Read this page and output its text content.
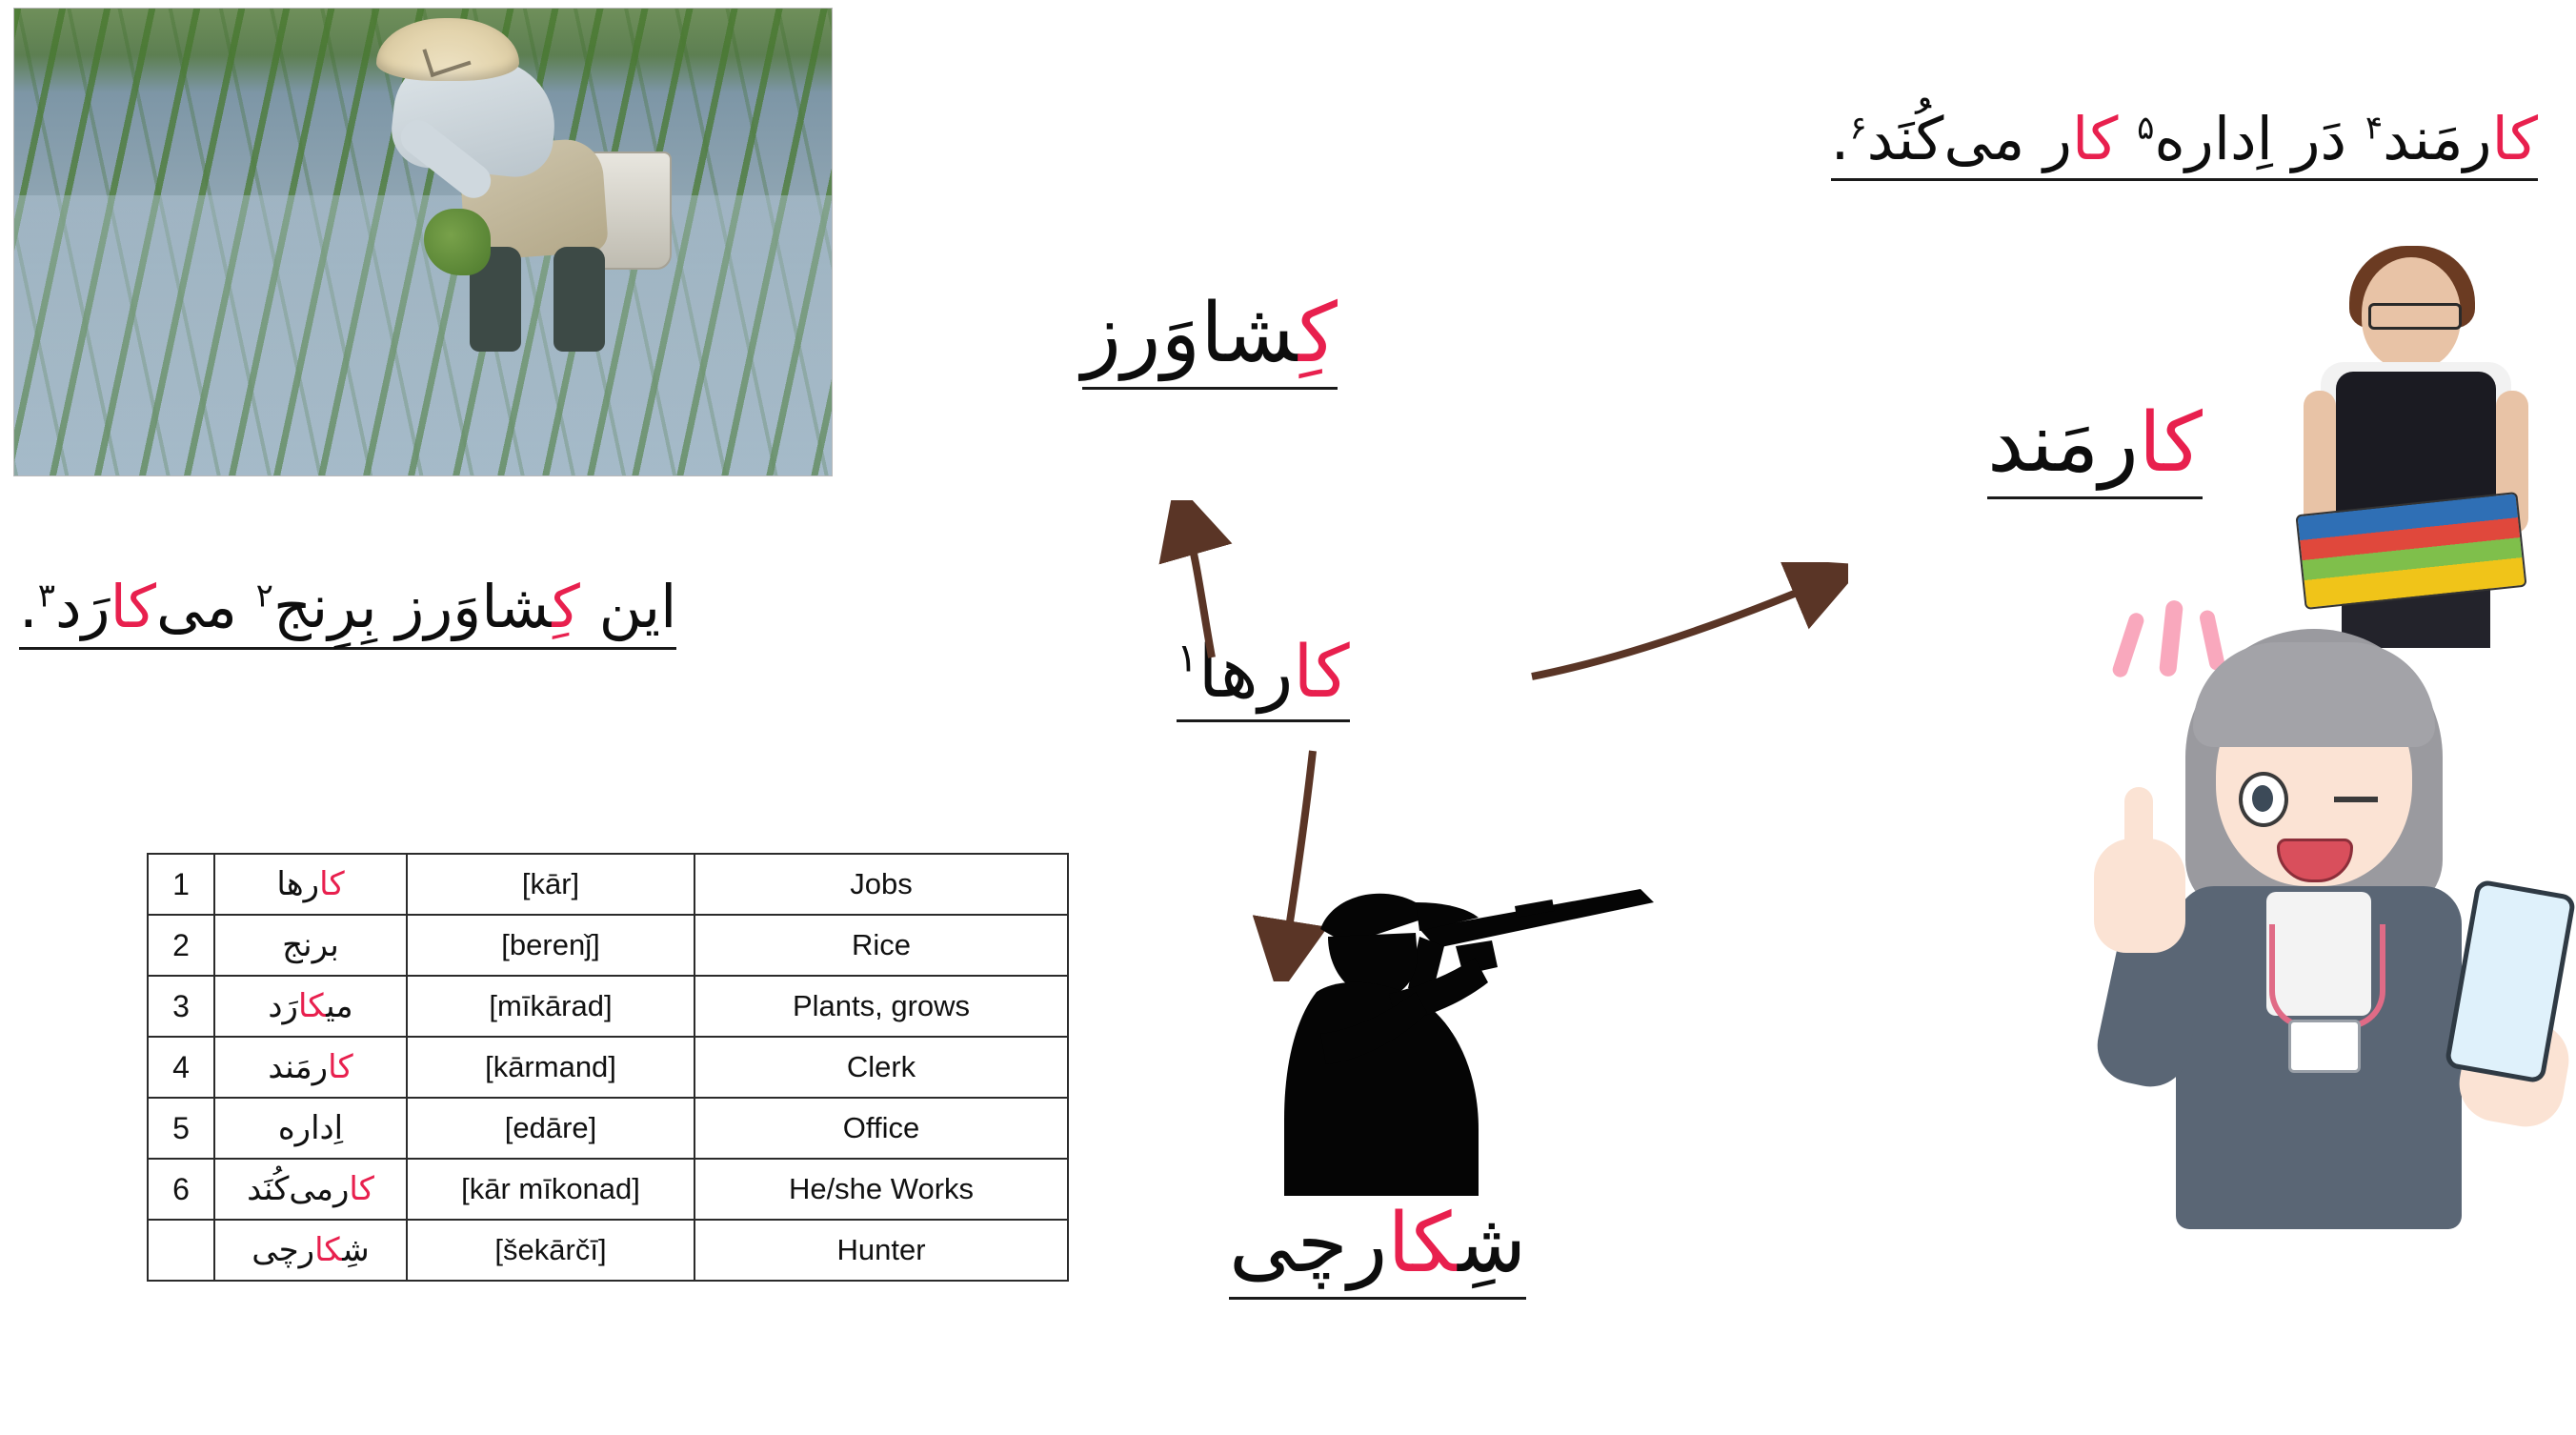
كارمَند$^۴$ دَر اِداره$^۵$ كار می‌كُنَد$^۶$.
كِشاوَرز
كارمَند
این كِشاوَرز بِرِنج$^۲$ می‌كارَد$^۳$.
كارها$^۱$
شِكارچی
1	كارها	[kār]	Jobs
2	برنج	[berenǰ]	Rice
3	میكارَد	[mīkārad]	Plants, grows
4	كارمَند	[kārmand]	Clerk
5	اِداره	[edāre]	Office
6	كارمی‌كُنَد	[kār mīkonad]	He/she Works
	شِكارچی	[šekārčī]	Hunter
